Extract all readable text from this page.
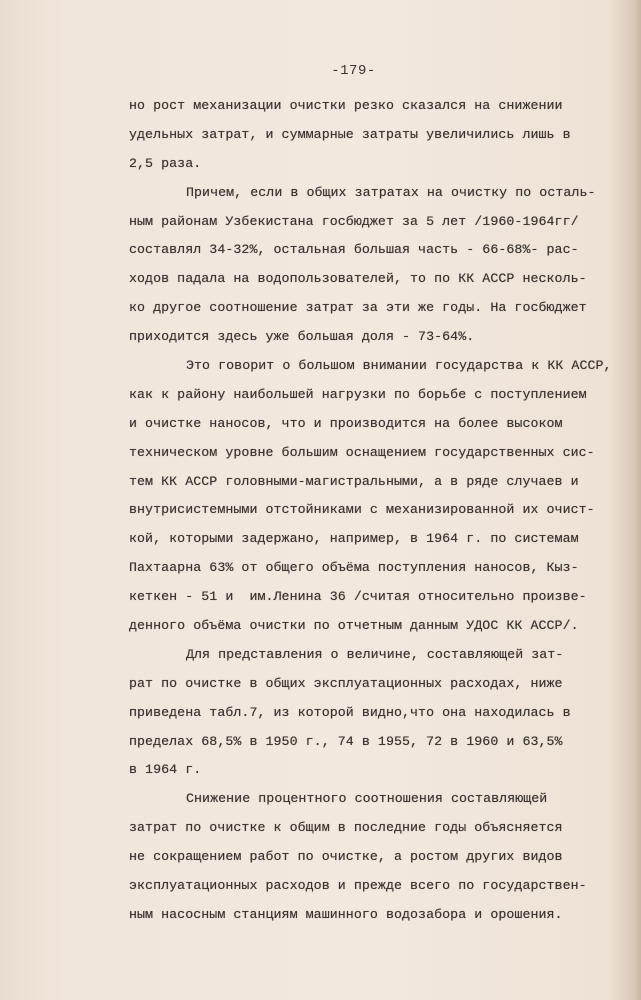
-179-
но рост механизации очистки резко сказался на снижении
удельных затрат, и суммарные затраты увеличились лишь в
2,5 раза.
Причем, если в общих затратах на очистку по осталь-
ным районам Узбекистана госбюджет за 5 лет /1960-1964гг/
составлял 34-32%, остальная большая часть - 66-68%- рас-
ходов падала на водопользователей, то по КК АССР несколь-
ко другое соотношение затрат за эти же годы. На госбюджет
приходится здесь уже большая доля - 73-64%.
Это говорит о большом внимании государства к КК АССР,
как к району наибольшей нагрузки по борьбе с поступлением
и очистке наносов, что и производится на более высоком
техническом уровне большим оснащением государственных сис-
тем КК АССР головными-магистральными, а в ряде случаев и
внутрисистемными отстойниками с механизированной их очист-
кой, которыми задержано, например, в 1964 г. по системам
Пахтаарна 63% от общего объёма поступления наносов, Кыз-
кеткен - 51 и  им.Ленина 36 /считая относительно произве-
денного объёма очистки по отчетным данным УДОС КК АССР/.
Для представления о величине, составляющей зат-
рат по очистке в общих эксплуатационных расходах, ниже
приведена табл.7, из которой видно,что она находилась в
пределах 68,5% в 1950 г., 74 в 1955, 72 в 1960 и 63,5%
в 1964 г.
Снижение процентного соотношения составляющей
затрат по очистке к общим в последние годы объясняется
не сокращением работ по очистке, а ростом других видов
эксплуатационных расходов и прежде всего по государствен-
ным насосным станциям машинного водозабора и орошения.
